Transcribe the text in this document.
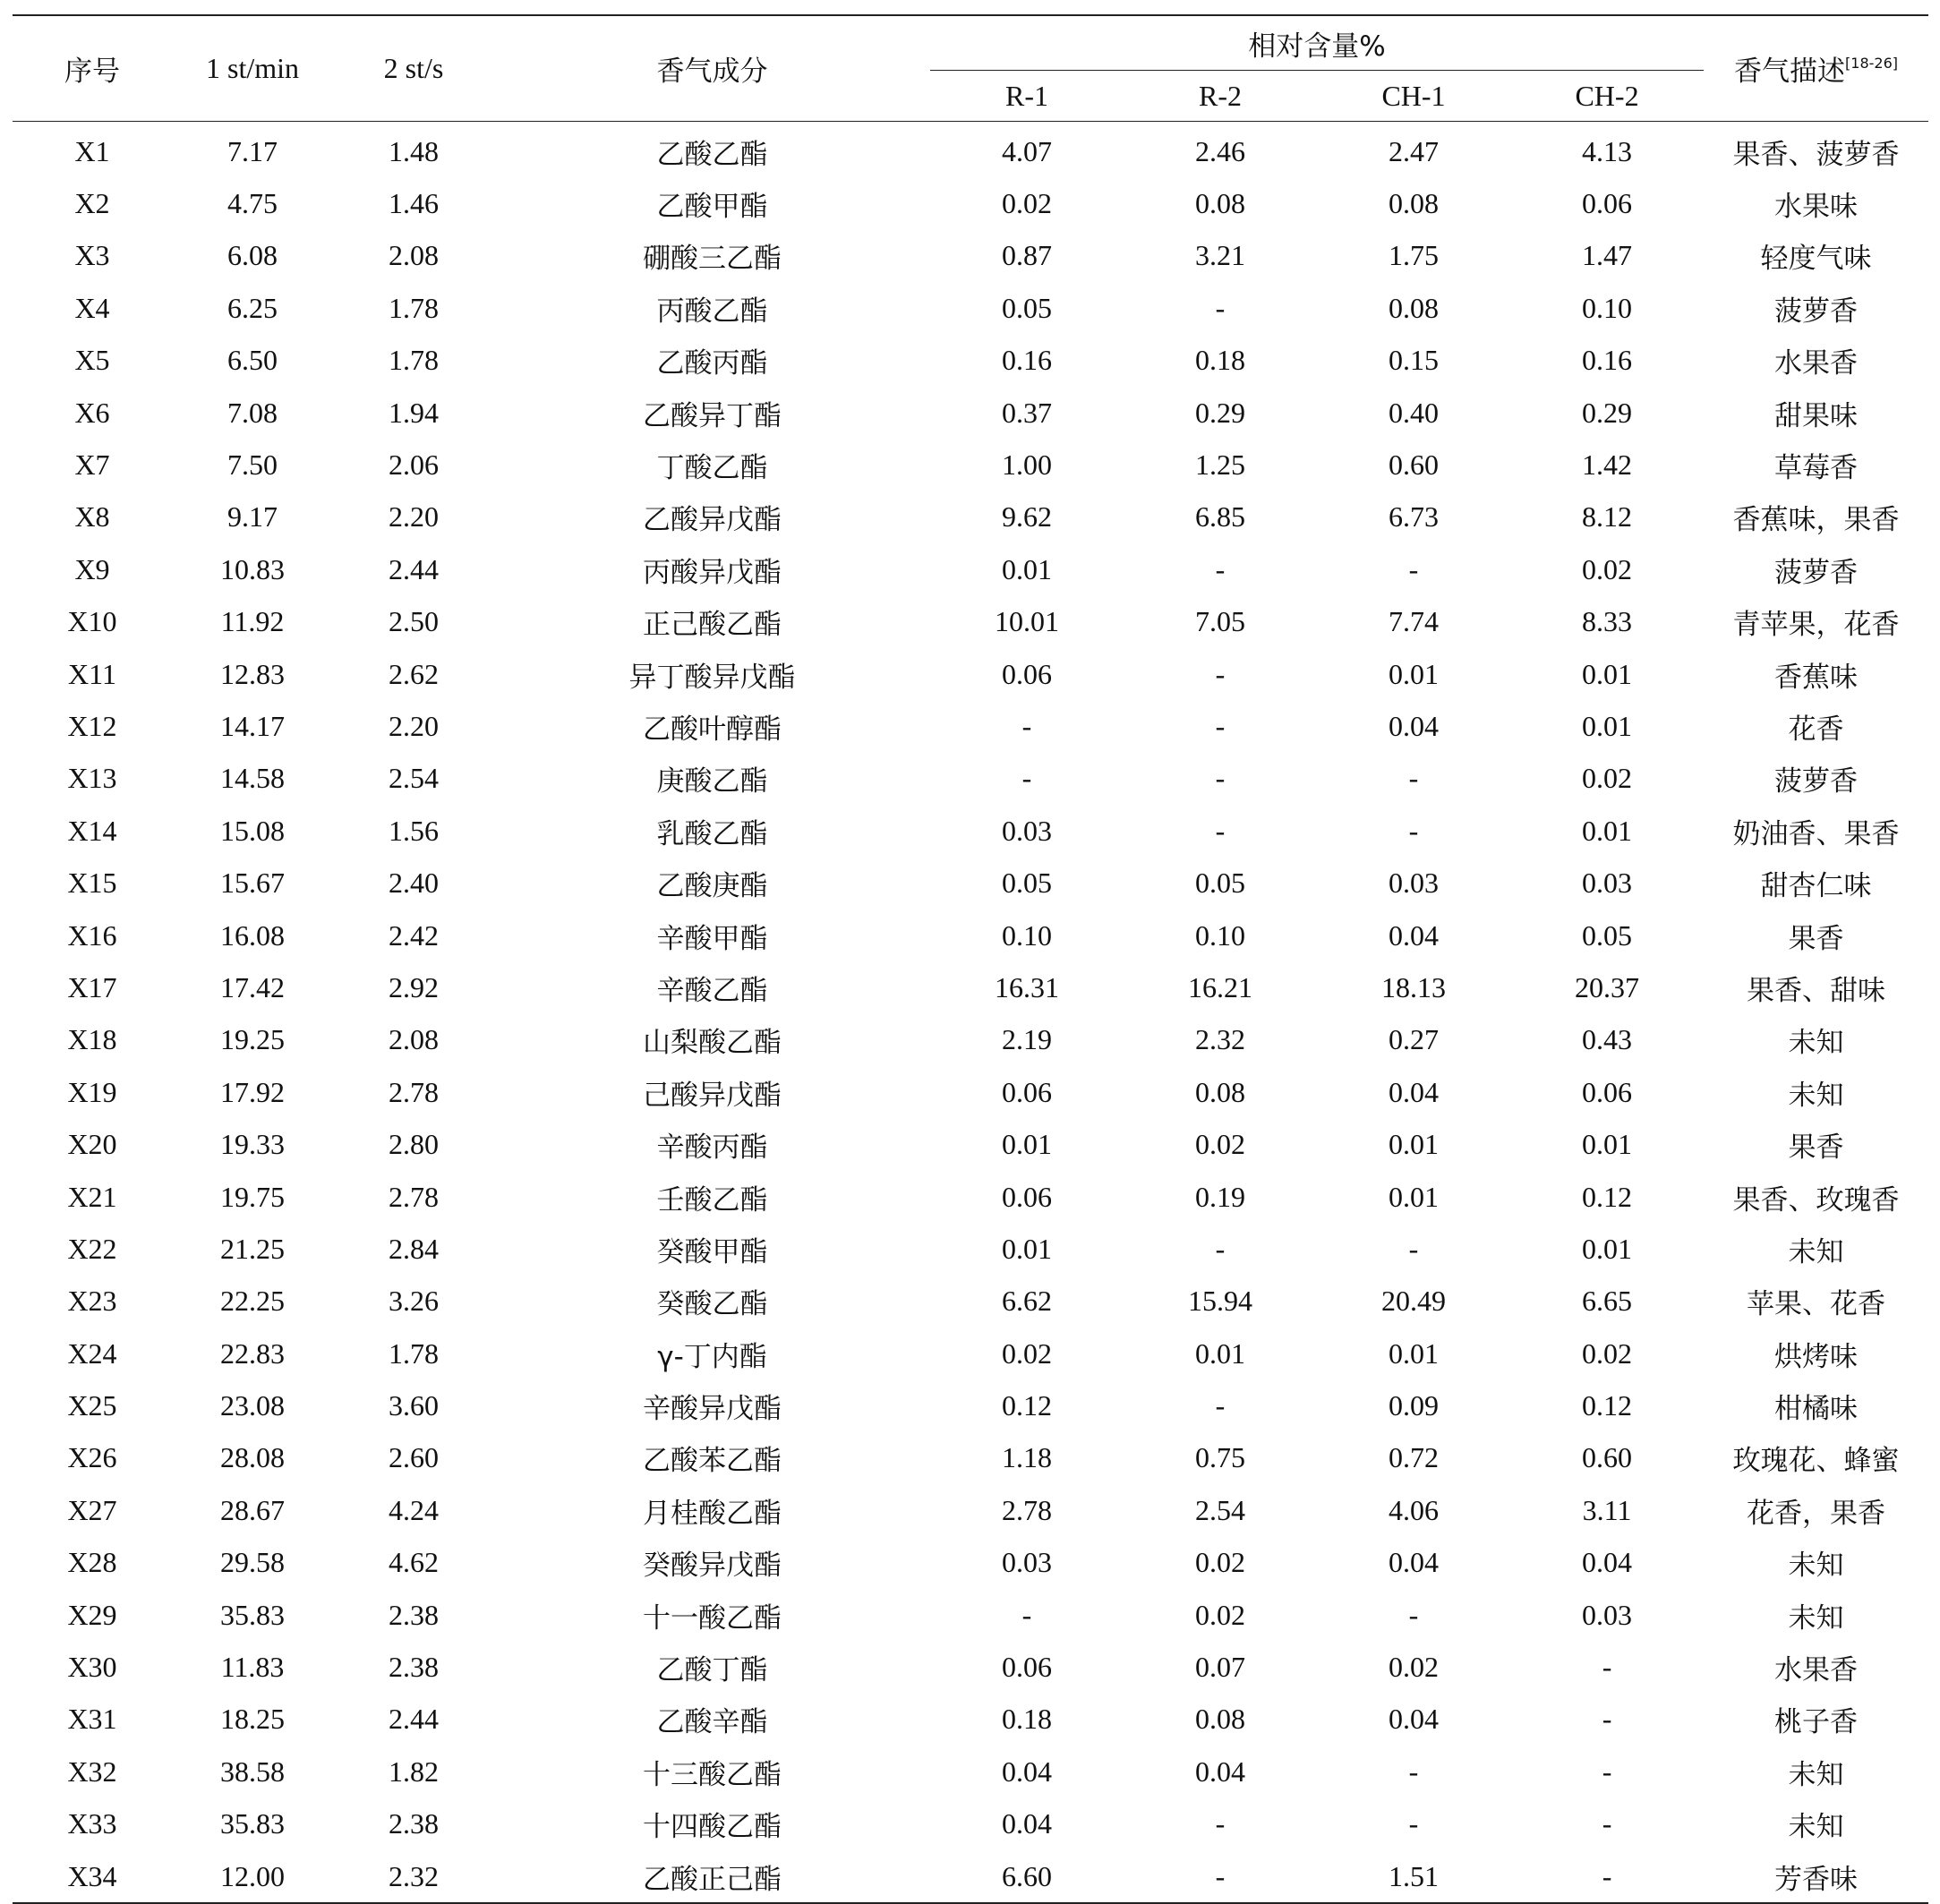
序号	1 st/min	2 st/s	香气成分	相对含量%				香气描述[18-26]
				R-1	R-2	CH-1	CH-2	
X1	7.17	1.48	乙酸乙酯	4.07	2.46	2.47	4.13	果香、菠萝香
X2	4.75	1.46	乙酸甲酯	0.02	0.08	0.08	0.06	水果味
X3	6.08	2.08	硼酸三乙酯	0.87	3.21	1.75	1.47	轻度气味
X4	6.25	1.78	丙酸乙酯	0.05	-	0.08	0.10	菠萝香
X5	6.50	1.78	乙酸丙酯	0.16	0.18	0.15	0.16	水果香
X6	7.08	1.94	乙酸异丁酯	0.37	0.29	0.40	0.29	甜果味
X7	7.50	2.06	丁酸乙酯	1.00	1.25	0.60	1.42	草莓香
X8	9.17	2.20	乙酸异戊酯	9.62	6.85	6.73	8.12	香蕉味，果香
X9	10.83	2.44	丙酸异戊酯	0.01	-	-	0.02	菠萝香
X10	11.92	2.50	正己酸乙酯	10.01	7.05	7.74	8.33	青苹果，花香
X11	12.83	2.62	异丁酸异戊酯	0.06	-	0.01	0.01	香蕉味
X12	14.17	2.20	乙酸叶醇酯	-	-	0.04	0.01	花香
X13	14.58	2.54	庚酸乙酯	-	-	-	0.02	菠萝香
X14	15.08	1.56	乳酸乙酯	0.03	-	-	0.01	奶油香、果香
X15	15.67	2.40	乙酸庚酯	0.05	0.05	0.03	0.03	甜杏仁味
X16	16.08	2.42	辛酸甲酯	0.10	0.10	0.04	0.05	果香
X17	17.42	2.92	辛酸乙酯	16.31	16.21	18.13	20.37	果香、甜味
X18	19.25	2.08	山梨酸乙酯	2.19	2.32	0.27	0.43	未知
X19	17.92	2.78	己酸异戊酯	0.06	0.08	0.04	0.06	未知
X20	19.33	2.80	辛酸丙酯	0.01	0.02	0.01	0.01	果香
X21	19.75	2.78	壬酸乙酯	0.06	0.19	0.01	0.12	果香、玫瑰香
X22	21.25	2.84	癸酸甲酯	0.01	-	-	0.01	未知
X23	22.25	3.26	癸酸乙酯	6.62	15.94	20.49	6.65	苹果、花香
X24	22.83	1.78	γ-丁内酯	0.02	0.01	0.01	0.02	烘烤味
X25	23.08	3.60	辛酸异戊酯	0.12	-	0.09	0.12	柑橘味
X26	28.08	2.60	乙酸苯乙酯	1.18	0.75	0.72	0.60	玫瑰花、蜂蜜
X27	28.67	4.24	月桂酸乙酯	2.78	2.54	4.06	3.11	花香，果香
X28	29.58	4.62	癸酸异戊酯	0.03	0.02	0.04	0.04	未知
X29	35.83	2.38	十一酸乙酯	-	0.02	-	0.03	未知
X30	11.83	2.38	乙酸丁酯	0.06	0.07	0.02	-	水果香
X31	18.25	2.44	乙酸辛酯	0.18	0.08	0.04	-	桃子香
X32	38.58	1.82	十三酸乙酯	0.04	0.04	-	-	未知
X33	35.83	2.38	十四酸乙酯	0.04	-	-	-	未知
X34	12.00	2.32	乙酸正己酯	6.60	-	1.51	-	芳香味
